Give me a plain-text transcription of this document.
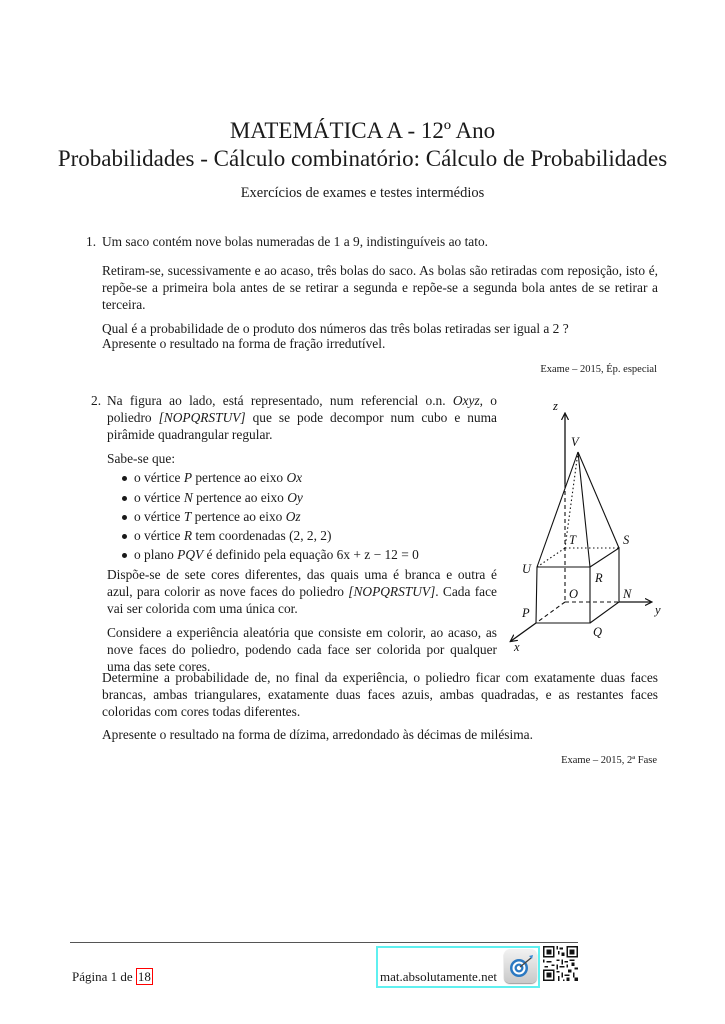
MATEMÁTICA A - 12º Ano
Probabilidades - Cálculo combinatório: Cálculo de Probabilidades
Exercícios de exames e testes intermédios
1. Um saco contém nove bolas numeradas de 1 a 9, indistinguíveis ao tato.
Retiram-se, sucessivamente e ao acaso, três bolas do saco. As bolas são retiradas com reposição, isto é, repõe-se a primeira bola antes de se retirar a segunda e repõe-se a segunda bola antes de se retirar a terceira.
Qual é a probabilidade de o produto dos números das três bolas retiradas ser igual a 2 ?
Apresente o resultado na forma de fração irredutível.
Exame – 2015, Ép. especial
2. Na figura ao lado, está representado, num referencial o.n. Oxyz, o poliedro [NOPQRSTUV] que se pode decompor num cubo e numa pirâmide quadrangular regular.
Sabe-se que:
o vértice P pertence ao eixo Ox
o vértice N pertence ao eixo Oy
o vértice T pertence ao eixo Oz
o vértice R tem coordenadas (2, 2, 2)
o plano PQV é definido pela equação 6x + z − 12 = 0
Dispõe-se de sete cores diferentes, das quais uma é branca e outra é azul, para colorir as nove faces do poliedro [NOPQRSTUV]. Cada face vai ser colorida com uma única cor.
Considere a experiência aleatória que consiste em colorir, ao acaso, as nove faces do poliedro, podendo cada face ser colorida por qualquer uma das sete cores.
Determine a probabilidade de, no final da experiência, o poliedro ficar com exatamente duas faces brancas, ambas triangulares, exatamente duas faces azuis, ambas quadradas, e as restantes faces coloridas com cores todas diferentes.
Apresente o resultado na forma de dízima, arredondado às décimas de milésima.
Exame – 2015, 2ª Fase
z
V
T	S
U
R
O	N
y
P
Q
x
Página 1 de 18	mat.absolutamente.net
